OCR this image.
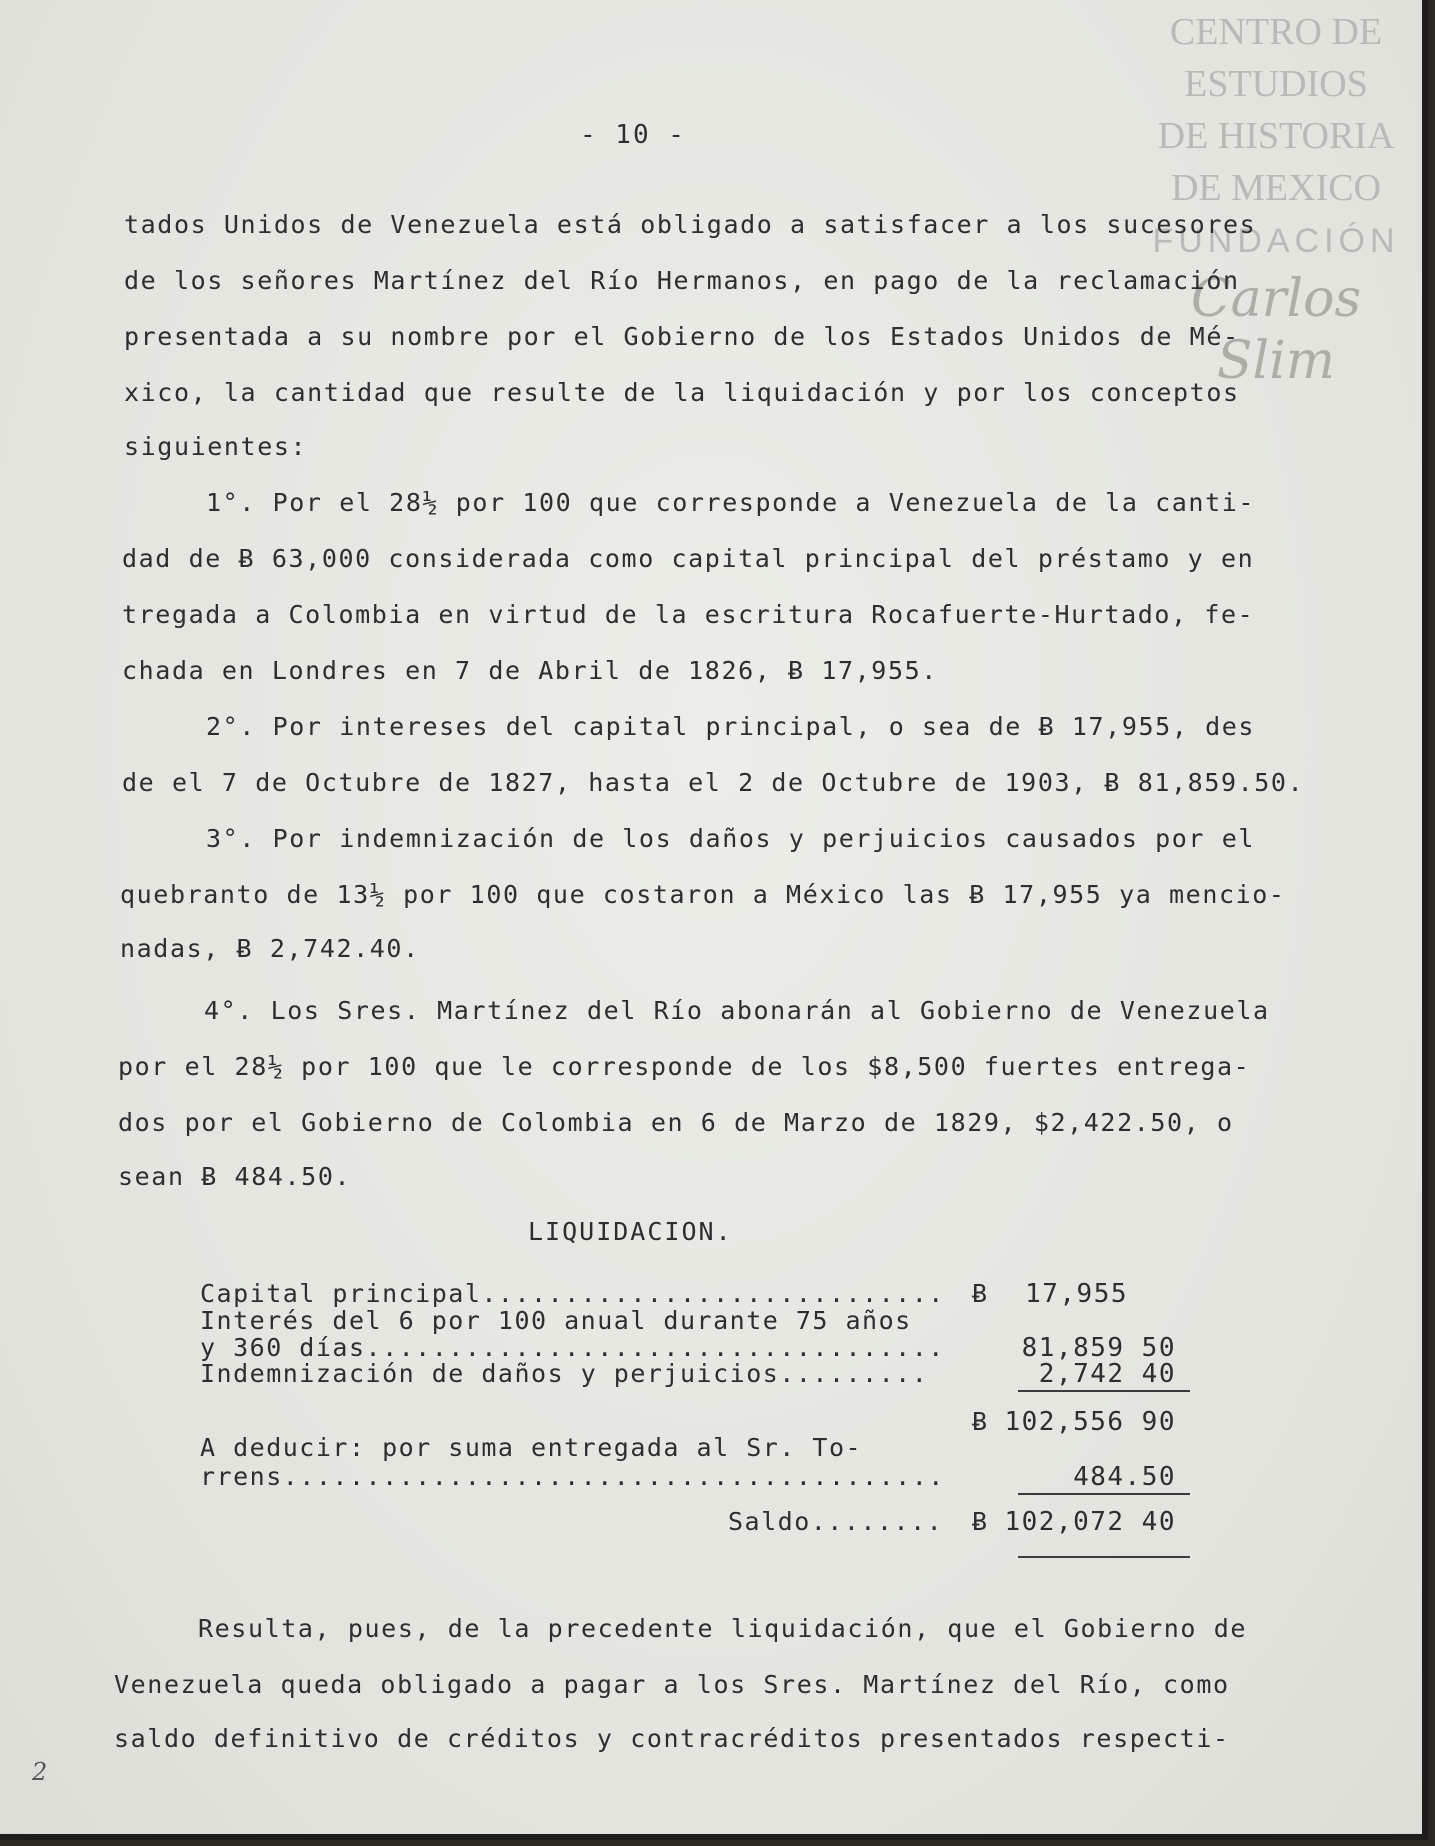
CENTRO DE
ESTUDIOS
DE HISTORIA
DE MEXICO
FUNDACIÓN
Carlos Slim
- 10 -
tados Unidos de Venezuela está obligado a satisfacer a los sucesores
de los señores Martínez del Río Hermanos, en pago de la reclamación
presentada a su nombre por el Gobierno de los Estados Unidos de Mé-
xico, la cantidad que resulte de la liquidación y por los conceptos
siguientes:
1°. Por el 28½ por 100 que corresponde a Venezuela de la canti-
dad de Ƀ 63,000 considerada como capital principal del préstamo y en
tregada a Colombia en virtud de la escritura Rocafuerte-Hurtado, fe-
chada en Londres en 7 de Abril de 1826, Ƀ 17,955.
2°. Por intereses del capital principal, o sea de Ƀ 17,955, des
de el 7 de Octubre de 1827, hasta el 2 de Octubre de 1903, Ƀ 81,859.50.
3°. Por indemnización de los daños y perjuicios causados por el
quebranto de 13½ por 100 que costaron a México las Ƀ 17,955 ya mencio-
nadas, Ƀ 2,742.40.
4°. Los Sres. Martínez del Río abonarán al Gobierno de Venezuela
por el 28½ por 100 que le corresponde de los $8,500 fuertes entrega-
dos por el Gobierno de Colombia en 6 de Marzo de 1829, $2,422.50, o
sean Ƀ 484.50.
LIQUIDACION.
Capital principal............................ Ƀ 17,955
Interés del 6 por 100 anual durante 75 años
y 360 días...................................	81,859 50
Indemnización de daños y perjuicios.........	2,742 40
Ƀ 102,556 90
A deducir: por suma entregada al Sr. To-
rrens........................................	484.50
Saldo........ Ƀ 102,072 40
Resulta, pues, de la precedente liquidación, que el Gobierno de
Venezuela queda obligado a pagar a los Sres. Martínez del Río, como
saldo definitivo de créditos y contracréditos presentados respecti-
2
